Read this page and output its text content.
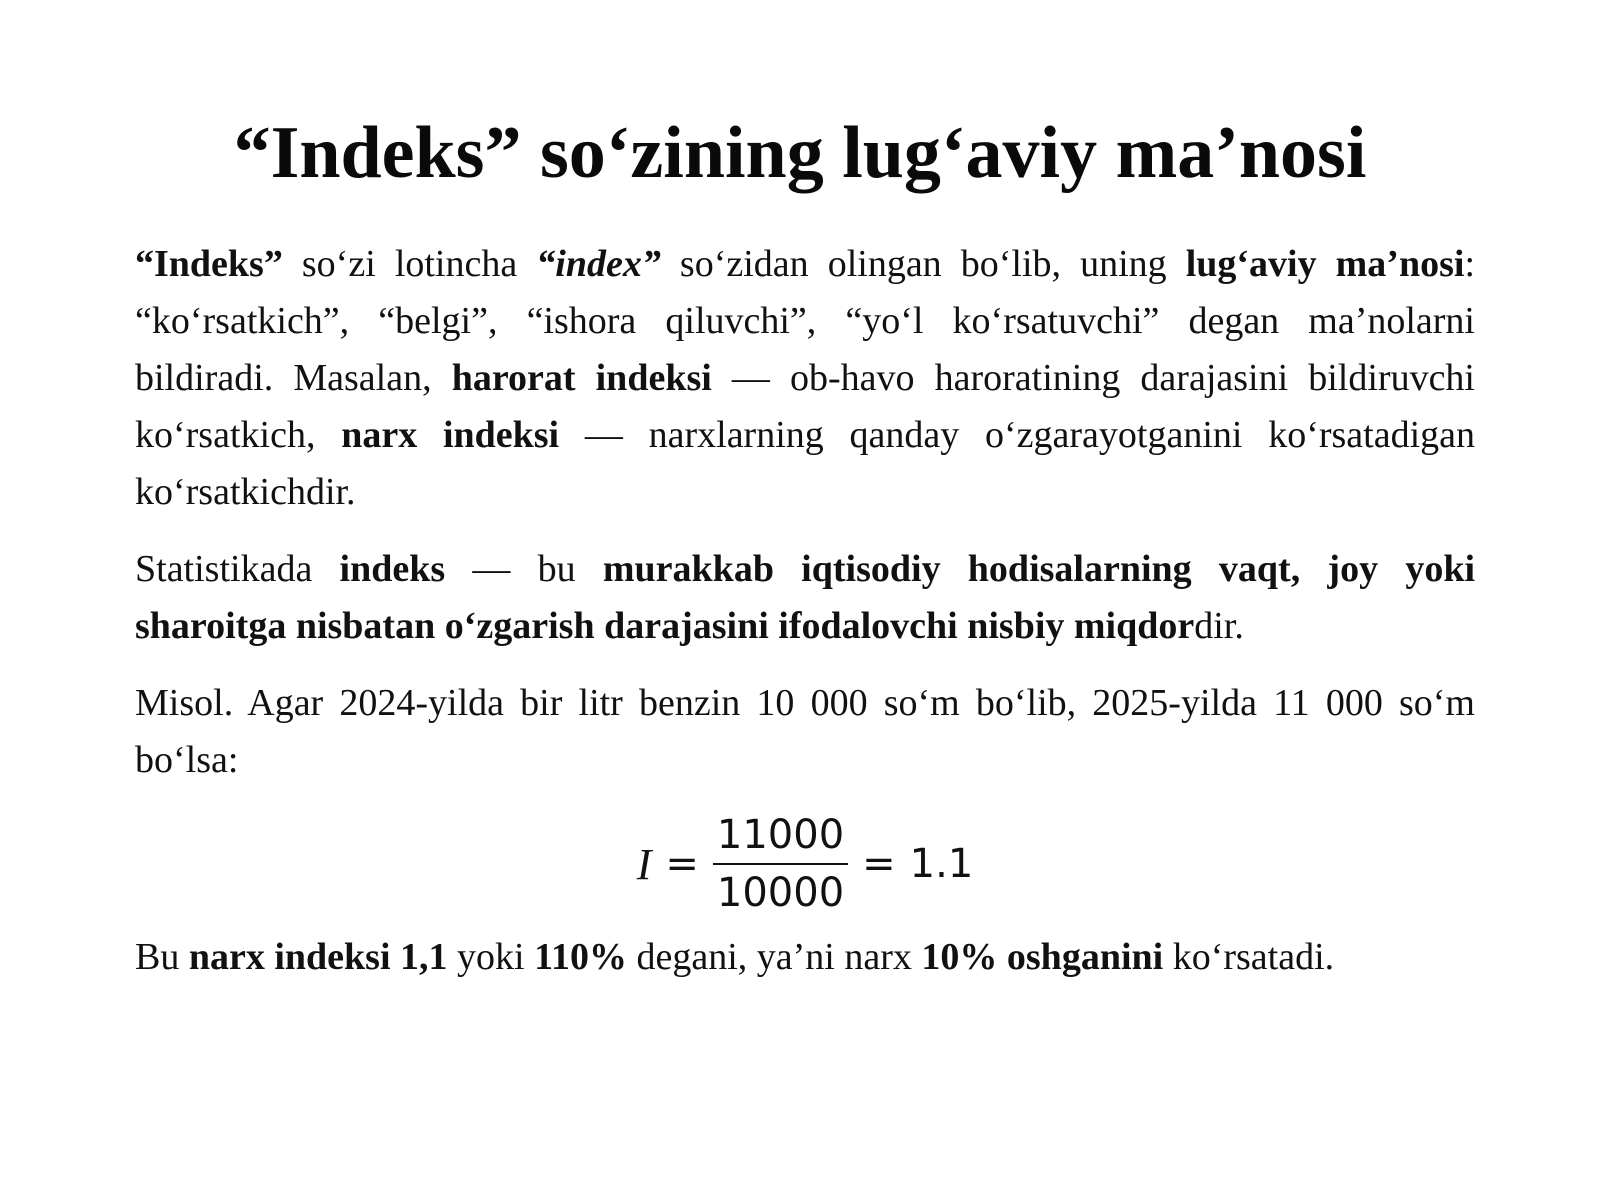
“Indeks” so‘zining lug‘aviy ma’nosi

“Indeks” so‘zi lotincha “index” so‘zidan olingan bo‘lib, uning lug‘aviy ma’nosi: “ko‘rsatkich”, “belgi”, “ishora qiluvchi”, “yo‘l ko‘rsatuvchi” degan ma’nolarni bildiradi. Masalan, harorat indeksi — ob-havo haroratining darajasini bildiruvchi ko‘rsatkich, narx indeksi — narxlarning qanday o‘zgarayotganini ko‘rsatadigan ko‘rsatkichdir.

Statistikada indeks — bu murakkab iqtisodiy hodisalarning vaqt, joy yoki sharoitga nisbatan o‘zgarish darajasini ifodalovchi nisbiy miqdordir.

Misol. Agar 2024-yilda bir litr benzin 10 000 so‘m bo‘lib, 2025-yilda 11 000 so‘m bo‘lsa:

$I = \frac{11000}{10000} = 1.1$

Bu narx indeksi 1,1 yoki 110% degani, ya’ni narx 10% oshganini ko‘rsatadi.
